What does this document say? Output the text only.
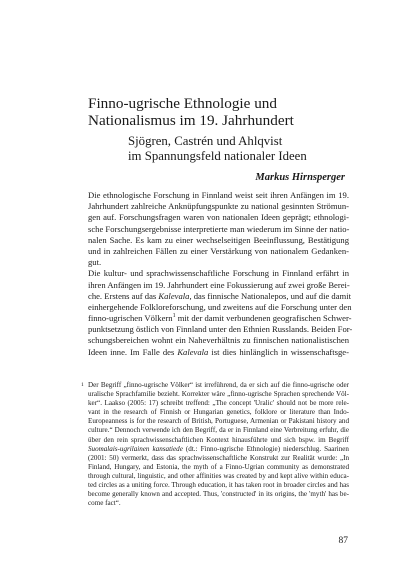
Finno-ugrische Ethnologie und
Nationalismus im 19. Jahrhundert
Sjögren, Castrén und Ahlqvist
im Spannungsfeld nationaler Ideen
Markus Hirnsperger
Die ethnologische Forschung in Finnland weist seit ihren Anfängen im 19.
Jahrhundert zahlreiche Anknüpfungspunkte zu national gesinnten Strömun-
gen auf. Forschungsfragen waren von nationalen Ideen geprägt; ethnologi-
sche Forschungsergebnisse interpretierte man wiederum im Sinne der natio-
nalen Sache. Es kam zu einer wechselseitigen Beeinflussung, Bestätigung
und in zahlreichen Fällen zu einer Verstärkung von nationalem Gedanken-
gut.
Die kultur- und sprachwissenschaftliche Forschung in Finnland erfährt in
ihren Anfängen im 19. Jahrhundert eine Fokussierung auf zwei große Berei-
che. Erstens auf das Kalevala, das finnische Nationalepos, und auf die damit
einhergehende Folkloreforschung, und zweitens auf die Forschung unter den
finno-ugrischen Völkern$^1$ mit der damit verbundenen geografischen Schwer-
punktsetzung östlich von Finnland unter den Ethnien Russlands. Beiden For-
schungsbereichen wohnt ein Naheverhältnis zu finnischen nationalistischen
Ideen inne. Im Falle des Kalevala ist dies hinlänglich in wissenschaftsge-
1 Der Begriff „finno-ugrische Völker“ ist irreführend, da er sich auf die finno-ugrische oder
uralische Sprachfamilie bezieht. Korrekter wäre „finno-ugrische Sprachen sprechende Völ-
ker“. Laakso (2005: 17) schreibt treffend: „The concept 'Uralic' should not be more rele-
vant in the research of Finnish or Hungarian genetics, folklore or literature than Indo-
Europeanness is for the research of British, Portuguese, Armenian or Pakistani history and
culture.“ Dennoch verwende ich den Begriff, da er in Finnland eine Verbreitung erfuhr, die
über den rein sprachwissenschaftlichen Kontext hinausführte und sich bspw. im Begriff
Suomalais-ugrilainen kansatiede (dt.: Finno-ugrische Ethnologie) niederschlug. Saarinen
(2001: 50) vermerkt, dass das sprachwissenschaftliche Konstrukt zur Realität wurde: „In
Finland, Hungary, and Estonia, the myth of a Finno-Ugrian community as demonstrated
through cultural, linguistic, and other affinities was created by and kept alive within educa-
ted circles as a uniting force. Through education, it has taken root in broader circles and has
become generally known and accepted. Thus, 'constructed' in its origins, the 'myth' has be-
come fact“.
87
